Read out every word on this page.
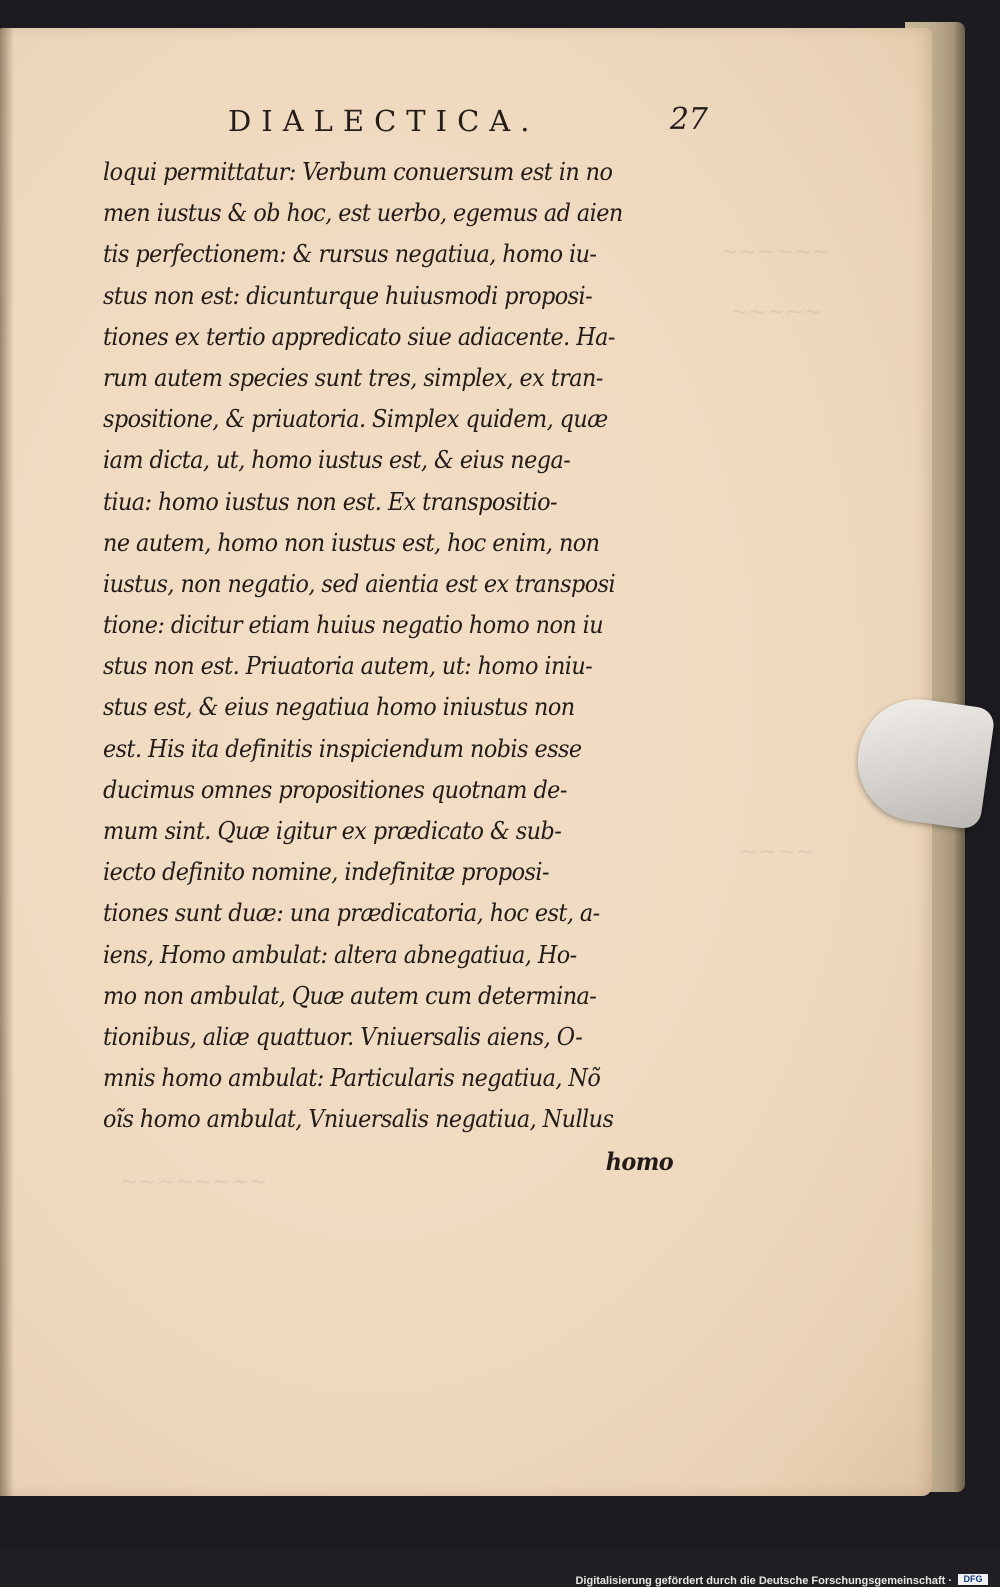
~~~~~~
~~~~~
~~~~
~~~~~~~~
DIALECTICA.	27
loqui permittatur: Verbum conuersum est in no
men iustus & ob hoc, est uerbo, egemus ad aien
tis perfectionem: & rursus negatiua, homo iu-
stus non est: dicunturque huiusmodi proposi-
tiones ex tertio appredicato siue adiacente. Ha-
rum autem species sunt tres, simplex, ex tran-
spositione, & priuatoria. Simplex quidem, quæ
iam dicta, ut, homo iustus est, & eius nega-
tiua: homo iustus non est. Ex transpositio-
ne autem, homo non iustus est, hoc enim, non
iustus, non negatio, sed aientia est ex transposi
tione: dicitur etiam huius negatio homo non iu
stus non est. Priuatoria autem, ut: homo iniu-
stus est, & eius negatiua homo iniustus non
est. His ita definitis inspiciendum nobis esse
ducimus omnes propositiones quotnam de-
mum sint. Quæ igitur ex prædicato & sub-
iecto definito nomine, indefinitæ proposi-
tiones sunt duæ: una prædicatoria, hoc est, a-
iens, Homo ambulat: altera abnegatiua, Ho-
mo non ambulat, Quæ autem cum determina-
tionibus, aliæ quattuor. Vniuersalis aiens, O-
mnis homo ambulat: Particularis negatiua, Nõ
oĩs homo ambulat, Vniuersalis negatiua, Nullus
homo
Digitalisierung gefördert durch die Deutsche Forschungsgemeinschaft ·	DFG
